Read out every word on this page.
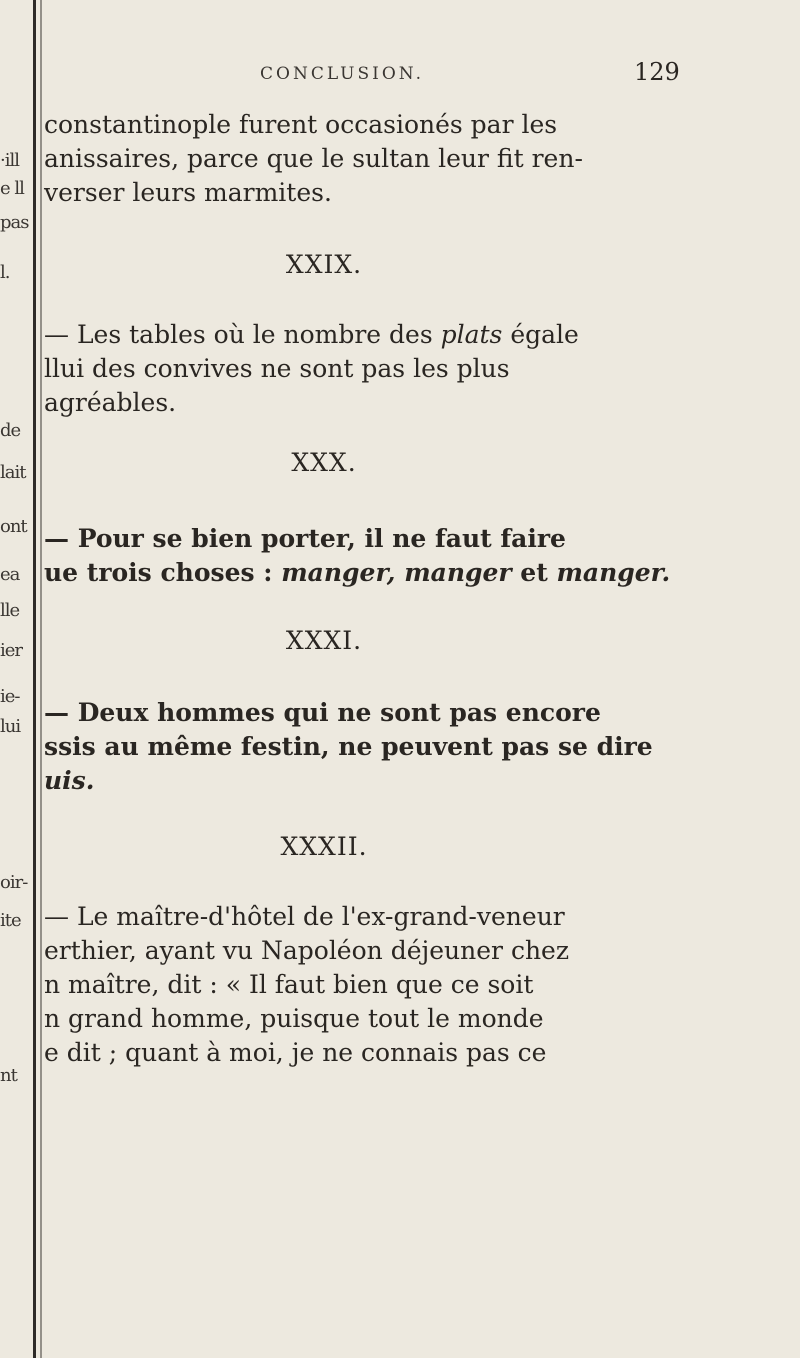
·ill
e ll
pas
l.
de
lait
ont
ea
lle
ier
ie-
lui
oir-
ite
nt
CONCLUSION.	129
constantinople furent occasionés par les
anissaires, parce que le sultan leur fit ren-
verser leurs marmites.
XXIX.
— Les tables où le nombre des plats égale
llui des convives ne sont pas les plus
agréables.
XXX.
— Pour se bien porter, il ne faut faire
ue trois choses : manger, manger et manger.
XXXI.
— Deux hommes qui ne sont pas encore
ssis au même festin, ne peuvent pas se dire
uis.
XXXII.
— Le maître-d'hôtel de l'ex-grand-veneur
erthier, ayant vu Napoléon déjeuner chez
n maître, dit : « Il faut bien que ce soit
n grand homme, puisque tout le monde
e dit ; quant à moi, je ne connais pas ce
